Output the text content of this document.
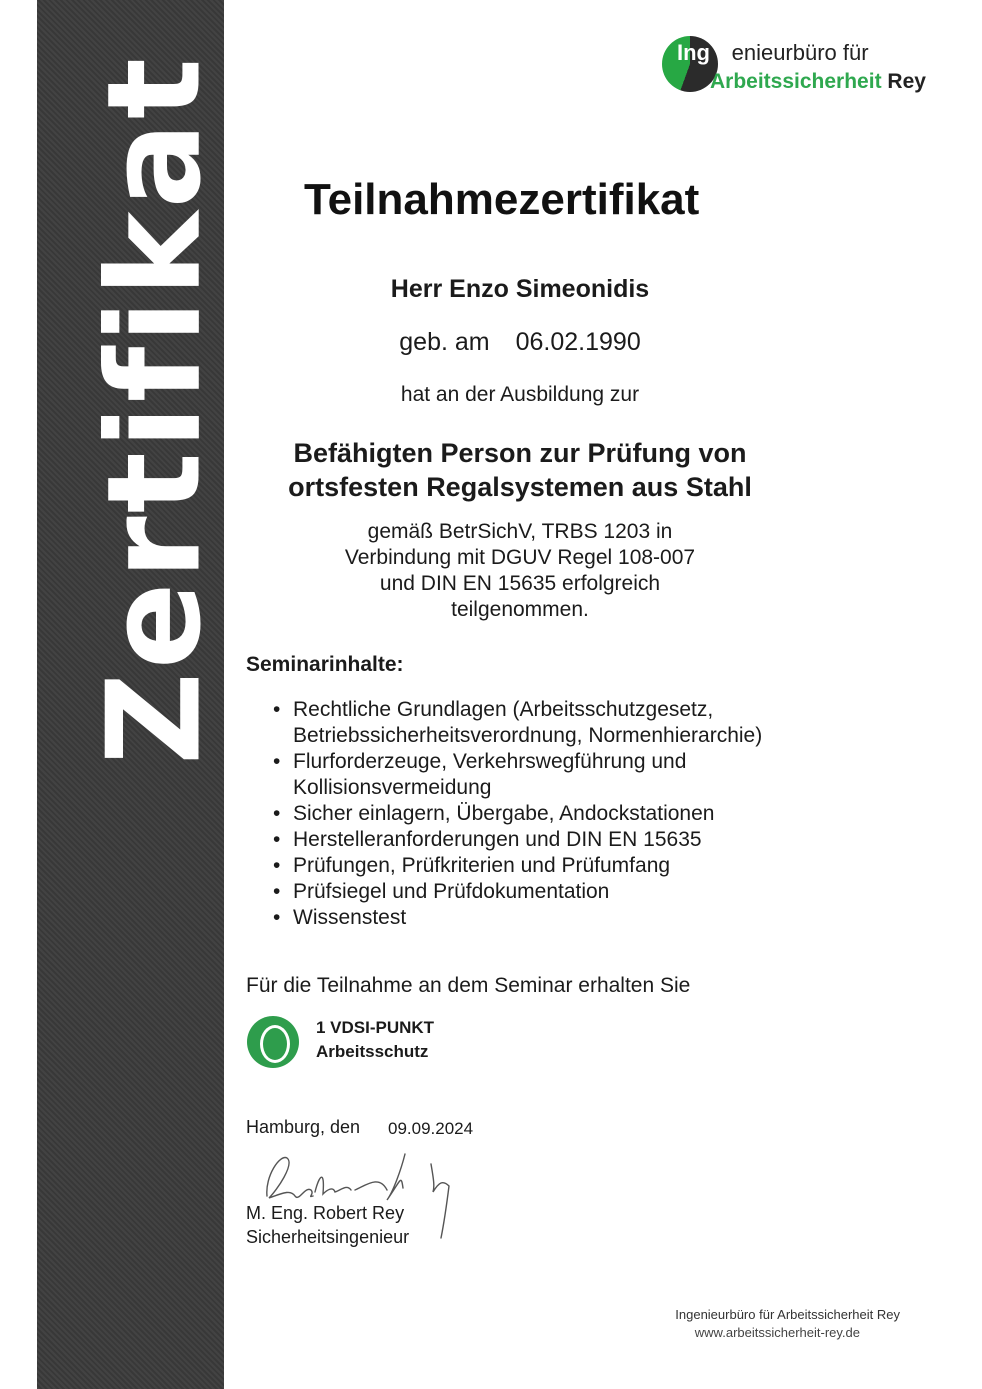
Zertifikat
Ing enieurbüro für
Arbeitssicherheit Rey
Teilnahmezertifikat
Herr Enzo Simeonidis
geb. am 06.02.1990
hat an der Ausbildung zur
Befähigten Person zur Prüfung von
ortsfesten Regalsystemen aus Stahl
gemäß BetrSichV, TRBS 1203 in
Verbindung mit DGUV Regel 108-007
und DIN EN 15635 erfolgreich
teilgenommen.
Seminarinhalte:
• Rechtliche Grundlagen (Arbeitsschutzgesetz, Betriebssicherheitsverordnung, Normenhierarchie)
• Flurforderzeuge, Verkehrswegführung und Kollisionsvermeidung
• Sicher einlagern, Übergabe, Andockstationen
• Herstelleranforderungen und DIN EN 15635
• Prüfungen, Prüfkriterien und Prüfumfang
• Prüfsiegel und Prüfdokumentation
• Wissenstest
Für die Teilnahme an dem Seminar erhalten Sie
1 VDSI-PUNKT
Arbeitsschutz
Hamburg, den 09.09.2024
M. Eng. Robert Rey
Sicherheitsingenieur
Ingenieurbüro für Arbeitssicherheit Rey
www.arbeitssicherheit-rey.de
